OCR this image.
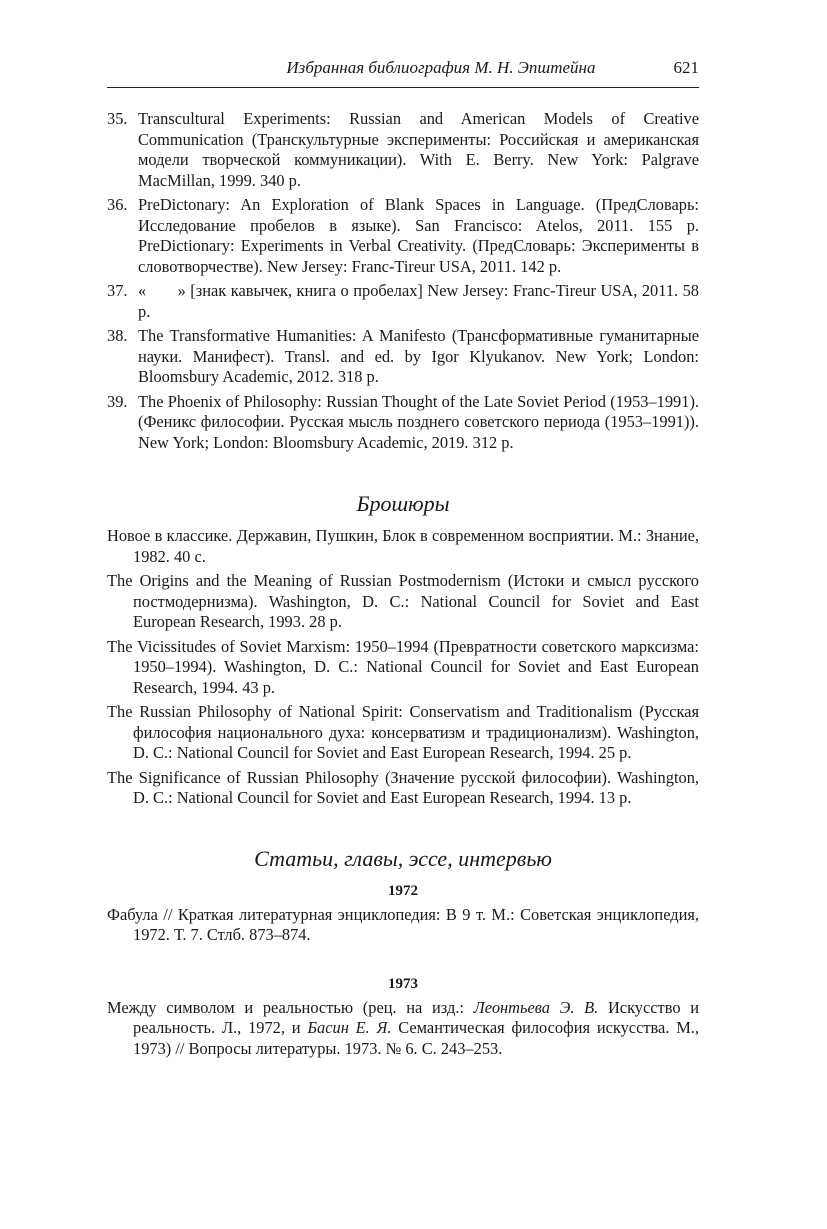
Избранная библиография М. Н. Эпштейна	621
35. Transcultural Experiments: Russian and American Models of Creative Communication (Транскультурные эксперименты: Российская и американская модели творческой коммуникации). With E. Berry. New York: Palgrave MacMillan, 1999. 340 p.
36. PreDictonary: An Exploration of Blank Spaces in Language. (ПредСловарь: Исследование пробелов в языке). San Francisco: Atelos, 2011. 155 p. PreDictionary: Experiments in Verbal Creativity. (ПредСловарь: Эксперименты в словотворчестве). New Jersey: Franc-Tireur USA, 2011. 142 p.
37. «       » [знак кавычек, книга о пробелах] New Jersey: Franc-Tireur USA, 2011. 58 p.
38. The Transformative Humanities: A Manifesto (Трансформативные гуманитарные науки. Манифест). Transl. and ed. by Igor Klyukanov. New York; London: Bloomsbury Academic, 2012. 318 p.
39. The Phoenix of Philosophy: Russian Thought of the Late Soviet Period (1953–1991). (Феникс философии. Русская мысль позднего советского периода (1953–1991)). New York; London: Bloomsbury Academic, 2019. 312 p.
Брошюры
Новое в классике. Державин, Пушкин, Блок в современном восприятии. М.: Знание, 1982. 40 с.
The Origins and the Meaning of Russian Postmodernism (Истоки и смысл русского постмодернизма). Washington, D. C.: National Council for Soviet and East European Research, 1993. 28 p.
The Vicissitudes of Soviet Marxism: 1950–1994 (Превратности советского марксизма: 1950–1994). Washington, D. C.: National Council for Soviet and East European Research, 1994. 43 p.
The Russian Philosophy of National Spirit: Conservatism and Traditionalism (Русская философия национального духа: консерватизм и традиционализм). Washington, D. C.: National Council for Soviet and East European Research, 1994. 25 p.
The Significance of Russian Philosophy (Значение русской философии). Washington, D. C.: National Council for Soviet and East European Research, 1994. 13 p.
Статьи, главы, эссе, интервью
1972
Фабула // Краткая литературная энциклопедия: В 9 т. М.: Советская энциклопедия, 1972. Т. 7. Стлб. 873–874.
1973
Между символом и реальностью (рец. на изд.: Леонтьева Э. В. Искусство и реальность. Л., 1972, и Басин Е. Я. Семантическая философия искусства. М., 1973) // Вопросы литературы. 1973. № 6. С. 243–253.
